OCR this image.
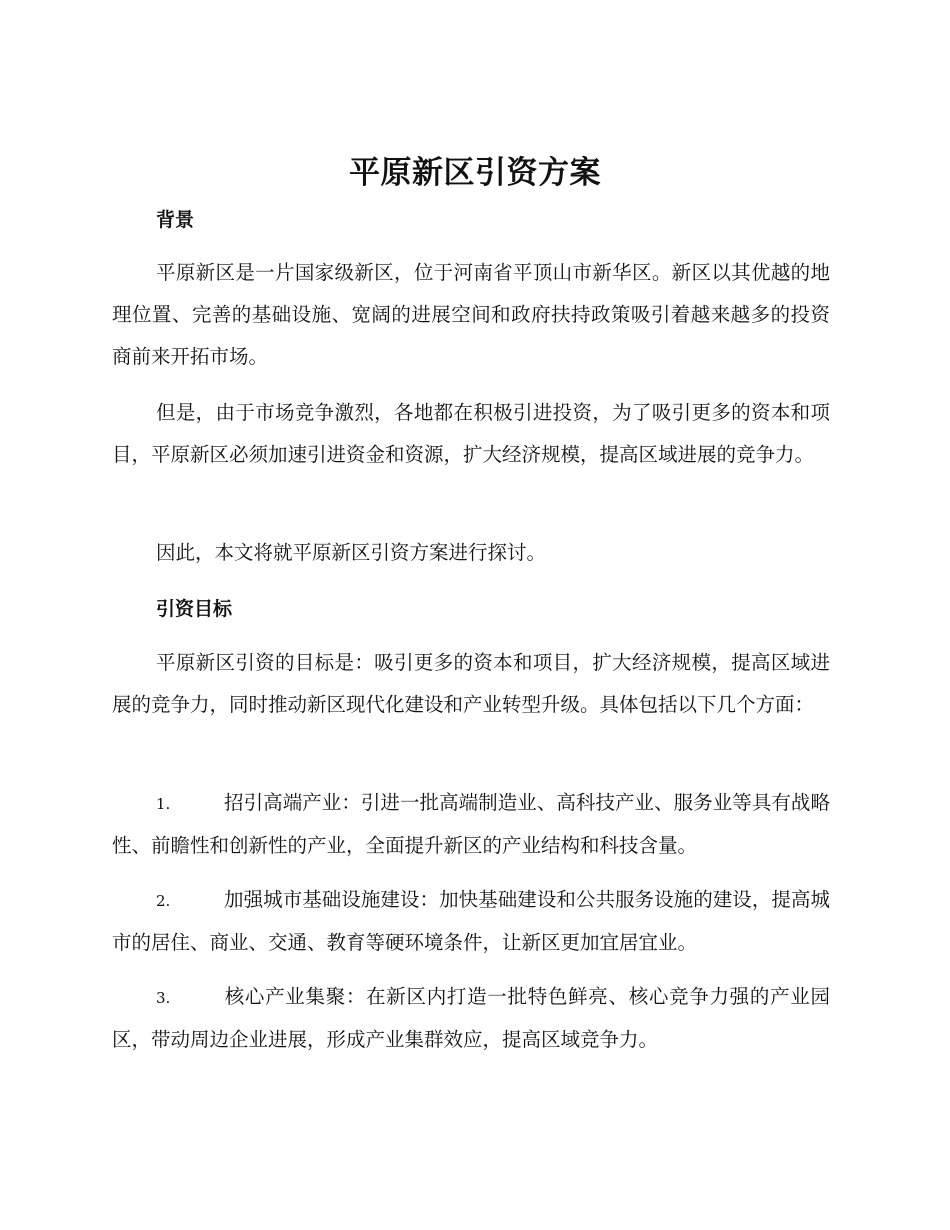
平原新区引资方案
背景

平原新区是一片国家级新区，位于河南省平顶山市新华区。新区以其优越的地理位置、完善的基础设施、宽阔的进展空间和政府扶持政策吸引着越来越多的投资商前来开拓市场。

但是，由于市场竞争激烈，各地都在积极引进投资，为了吸引更多的资本和项目，平原新区必须加速引进资金和资源，扩大经济规模，提高区域进展的竞争力。

因此，本文将就平原新区引资方案进行探讨。

引资目标

平原新区引资的目标是：吸引更多的资本和项目，扩大经济规模，提高区域进展的竞争力，同时推动新区现代化建设和产业转型升级。具体包括以下几个方面：

1.	招引高端产业：引进一批高端制造业、高科技产业、服务业等具有战略性、前瞻性和创新性的产业，全面提升新区的产业结构和科技含量。

2.	加强城市基础设施建设：加快基础建设和公共服务设施的建设，提高城市的居住、商业、交通、教育等硬环境条件，让新区更加宜居宜业。

3.	核心产业集聚：在新区内打造一批特色鲜亮、核心竞争力强的产业园区，带动周边企业进展，形成产业集群效应，提高区域竞争力。
